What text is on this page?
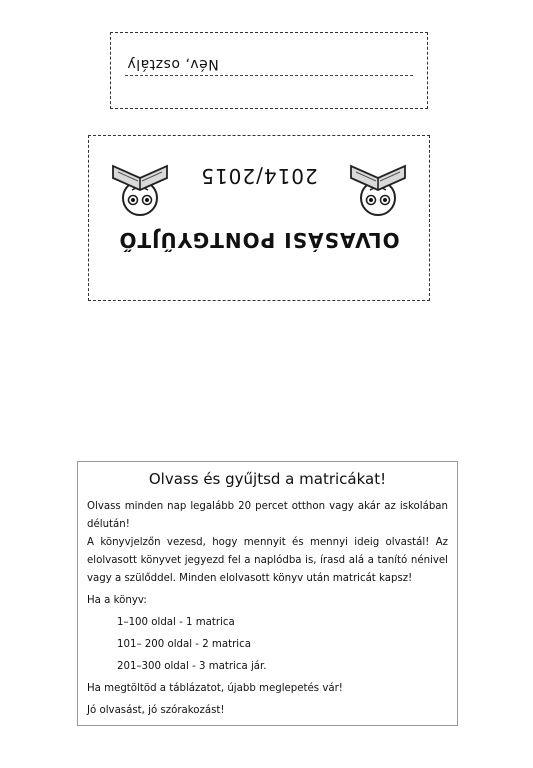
Név, osztály
OLVASÁSI PONTGYŰJTŐ
2014/2015
Olvass és gyűjtsd a matricákat!

Olvass minden nap legalább 20 percet otthon vagy akár az iskolában délután!

A könyvjelzőn vezesd, hogy mennyit és mennyi ideig olvastál! Az elolvasott könyvet jegyezd fel a naplódba is, írasd alá a tanító nénivel vagy a szülőddel. Minden elolvasott könyv után matricát kapsz!

Ha a könyv:

1–100 oldal - 1 matrica

101– 200 oldal - 2 matrica

201–300 oldal - 3 matrica jár.

Ha megtöltöd a táblázatot, újabb meglepetés vár!

Jó olvasást, jó szórakozást!
